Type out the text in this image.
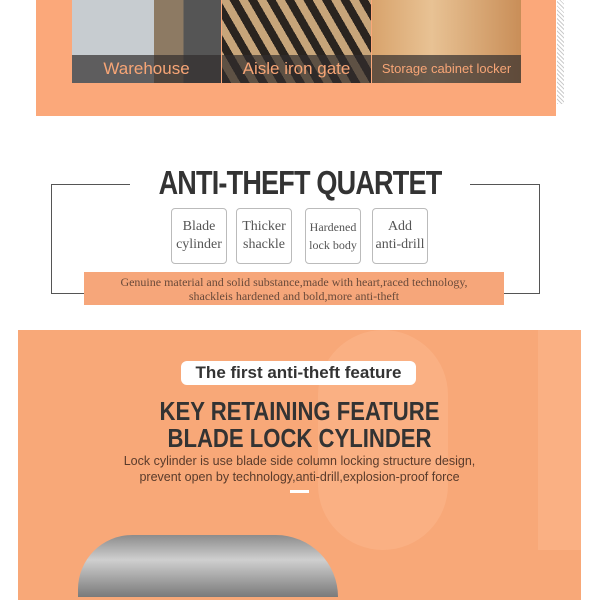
Warehouse	Aisle iron gate	Storage cabinet locker
ANTI-THEFT QUARTET
Blade
cylinder
Thicker
shackle
Hardened
lock body
Add
anti-drill
Genuine material and solid substance,made with heart,raced technology,
shackleis hardened and bold,more anti-theft
The first anti-theft feature
KEY RETAINING FEATURE
BLADE LOCK CYLINDER
Lock cylinder is use blade side column locking structure design,
prevent open by technology,anti-drill,explosion-proof force
